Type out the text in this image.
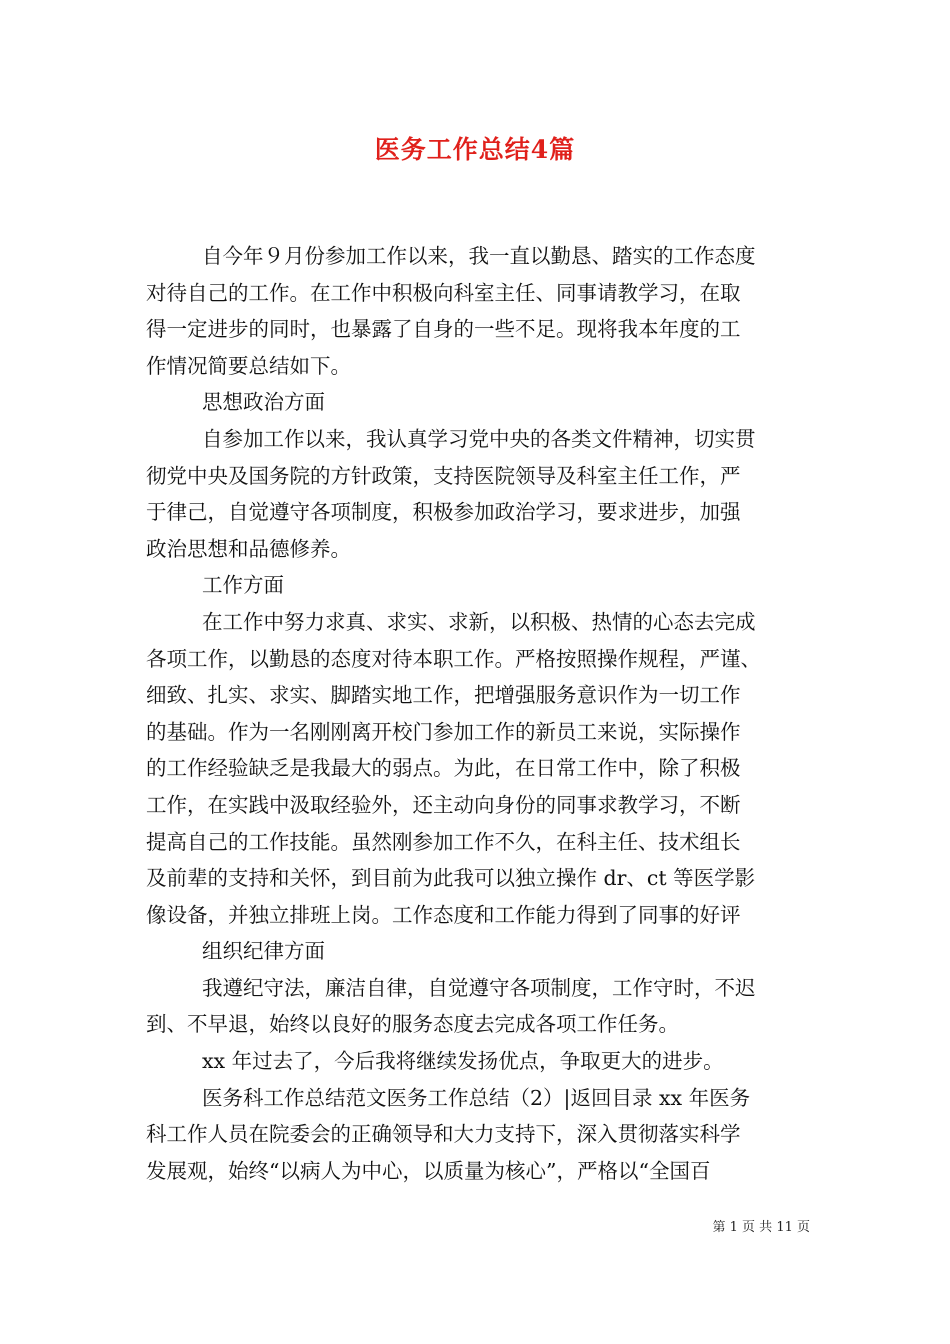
医务工作总结4篇
自今年９月份参加工作以来，我一直以勤恳、踏实的工作态度
对待自己的工作。在工作中积极向科室主任、同事请教学习，在取
得一定进步的同时，也暴露了自身的一些不足。现将我本年度的工
作情况简要总结如下。
思想政治方面
自参加工作以来，我认真学习党中央的各类文件精神，切实贯
彻党中央及国务院的方针政策，支持医院领导及科室主任工作，严
于律己，自觉遵守各项制度，积极参加政治学习，要求进步，加强
政治思想和品德修养。
工作方面
在工作中努力求真、求实、求新，以积极、热情的心态去完成
各项工作，以勤恳的态度对待本职工作。严格按照操作规程，严谨、
细致、扎实、求实、脚踏实地工作，把增强服务意识作为一切工作
的基础。作为一名刚刚离开校门参加工作的新员工来说，实际操作
的工作经验缺乏是我最大的弱点。为此，在日常工作中，除了积极
工作，在实践中汲取经验外，还主动向身份的同事求教学习，不断
提高自己的工作技能。虽然刚参加工作不久，在科主任、技术组长
及前辈的支持和关怀，到目前为此我可以独立操作 dr、ct 等医学影
像设备，并独立排班上岗。工作态度和工作能力得到了同事的好评
组织纪律方面
我遵纪守法，廉洁自律，自觉遵守各项制度，工作守时，不迟
到、不早退，始终以良好的服务态度去完成各项工作任务。
xx 年过去了，今后我将继续发扬优点，争取更大的进步。
医务科工作总结范文医务工作总结（2）|返回目录 xx 年医务
科工作人员在院委会的正确领导和大力支持下，深入贯彻落实科学
发展观，始终“以病人为中心，以质量为核心”，严格以“全国百
第 1 页 共 11 页
